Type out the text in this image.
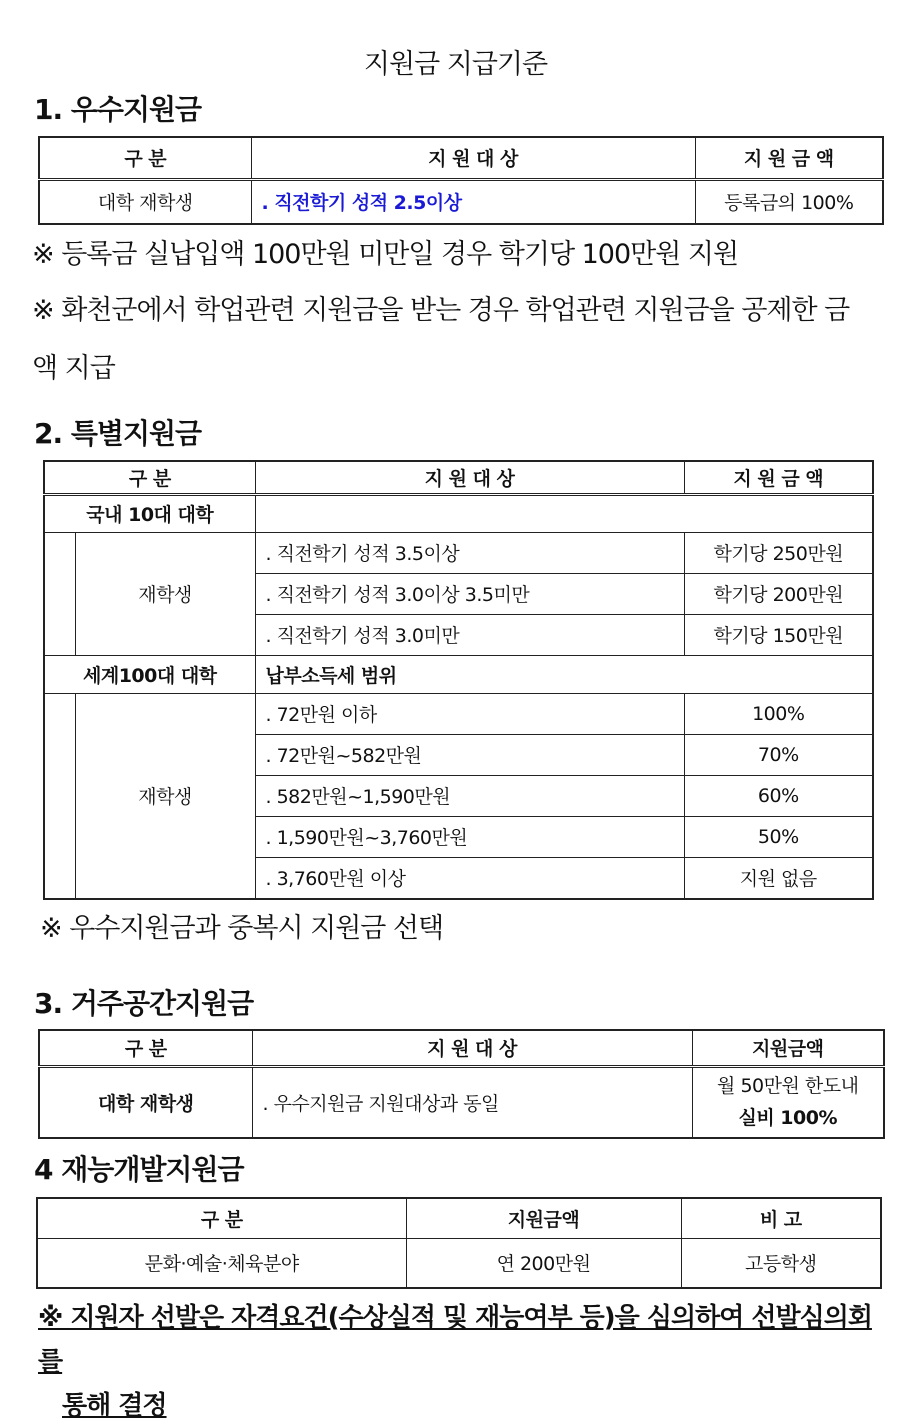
지원금 지급기준
1. 우수지원금
구 분	지 원 대 상	지 원 금 액
대학 재학생	. 직전학기 성적 2.5이상	등록금의 100%
※ 등록금 실납입액 100만원 미만일 경우 학기당 100만원 지원
※ 화천군에서 학업관련 지원금을 받는 경우 학업관련 지원금을 공제한 금
액 지급
2. 특별지원금
구 분		지 원 대 상	지 원 금 액
국내 10대 대학			
	재학생	. 직전학기 성적 3.5이상	학기당 250만원
		. 직전학기 성적 3.0이상 3.5미만	학기당 200만원
		. 직전학기 성적 3.0미만	학기당 150만원
세계100대 대학		납부소득세 범위	
	재학생	. 72만원 이하	100%
		. 72만원~582만원	70%
		. 582만원~1,590만원	60%
		. 1,590만원~3,760만원	50%
		. 3,760만원 이상	지원 없음
※ 우수지원금과 중복시 지원금 선택
3. 거주공간지원금
구 분	지 원 대 상	지원금액
대학 재학생	. 우수지원금 지원대상과 동일	월 50만원 한도내
실비 100%
4 재능개발지원금
구 분	지원금액	비 고
문화·예술·체육분야	연 200만원	고등학생
※ 지원자 선발은 자격요건(수상실적 및 재능여부 등)을 심의하여 선발심의회를
통해 결정
